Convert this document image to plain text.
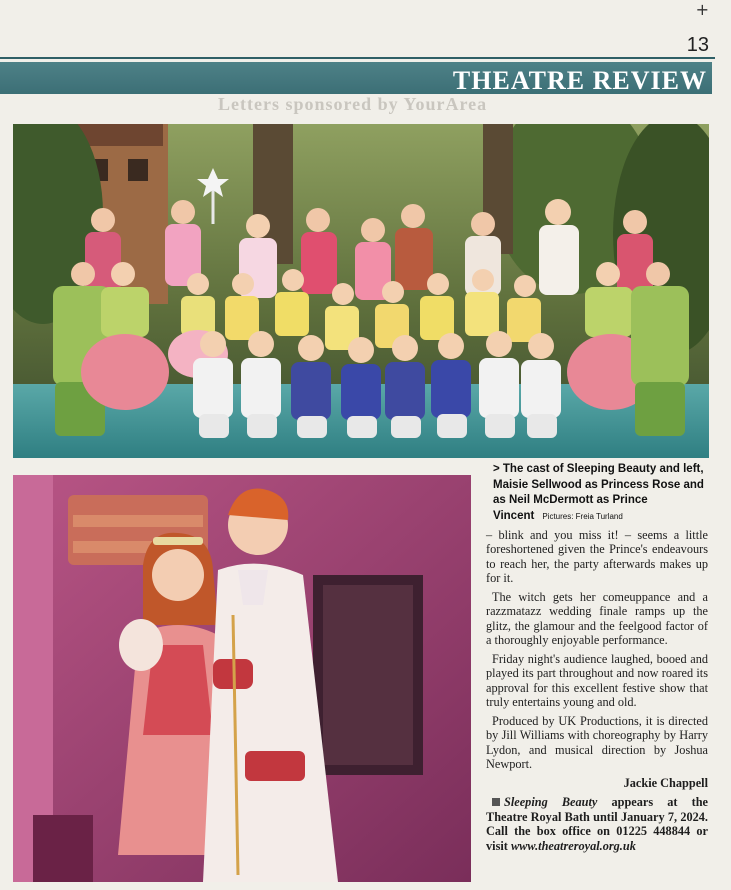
+
13
THEATRE REVIEW
Letters sponsored by YourArea
> The cast of Sleeping Beauty and left, Maisie Sellwood as Princess Rose and as Neil McDermott as Prince Vincent Pictures: Freia Turland

– blink and you miss it! – seems a little foreshortened given the Prince's endeavours to reach her, the party afterwards makes up for it.

The witch gets her comeuppance and a razzmatazz wedding finale ramps up the glitz, the glamour and the feelgood factor of a thoroughly enjoyable performance.

Friday night's audience laughed, booed and played its part throughout and now roared its approval for this excellent festive show that truly entertains young and old.

Produced by UK Productions, it is directed by Jill Williams with choreography by Harry Lydon, and musical direction by Joshua Newport.

Jackie Chappell

Sleeping Beauty appears at the Theatre Royal Bath until January 7, 2024. Call the box office on 01225 448844 or visit www.theatreroyal.org.uk
